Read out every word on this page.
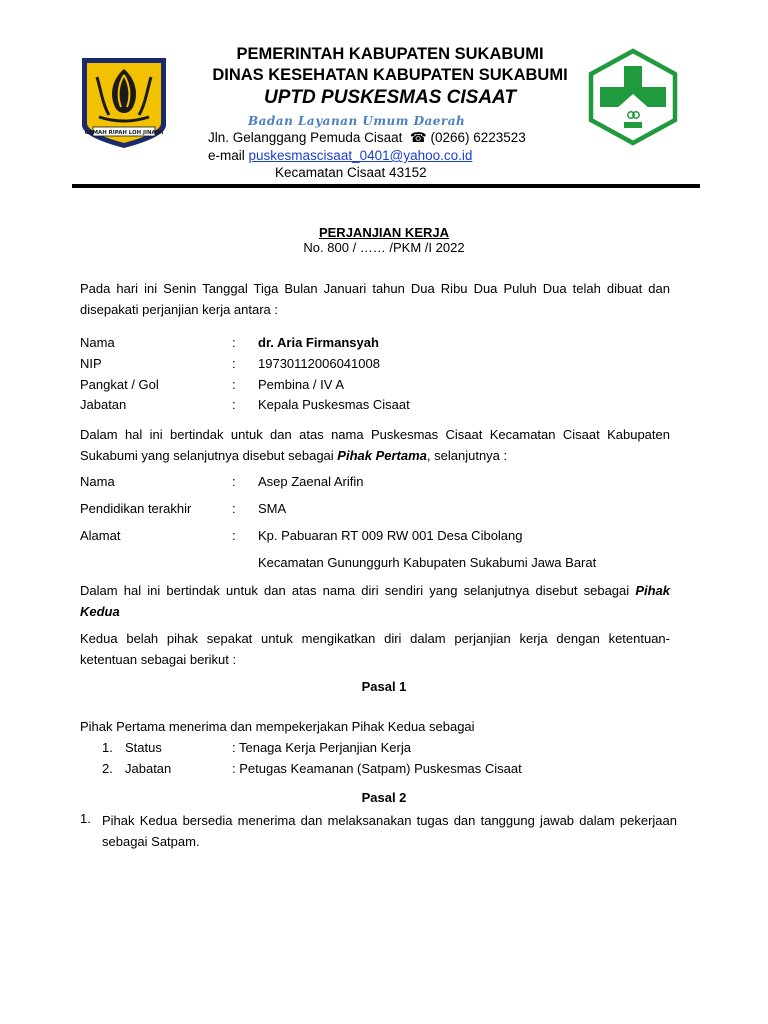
GEMAH RIPAH LOH JINAWI
PEMERINTAH KABUPATEN SUKABUMI
DINAS KESEHATAN KABUPATEN SUKABUMI
UPTD PUSKESMAS CISAAT
Badan Layanan Umum Daerah
Jln. Gelanggang Pemuda Cisaat  ☎ (0266) 6223523
e-mail puskesmascisaat_0401@yahoo.co.id
Kecamatan Cisaat 43152
PERJANJIAN KERJA
No. 800 / …… /PKM /I 2022
Pada hari ini Senin Tanggal Tiga Bulan Januari tahun Dua Ribu Dua Puluh Dua telah dibuat dan disepakati perjanjian kerja antara :
Nama	: dr. Aria Firmansyah
NIP	: 19730112006041008
Pangkat / Gol	: Pembina / IV A
Jabatan	: Kepala Puskesmas Cisaat
Dalam hal ini bertindak untuk dan atas nama Puskesmas Cisaat Kecamatan Cisaat Kabupaten Sukabumi yang selanjutnya disebut sebagai Pihak Pertama, selanjutnya :
Nama	: Asep Zaenal Arifin
Pendidikan terakhir	: SMA
Alamat	: Kp. Pabuaran RT 009 RW 001 Desa Cibolang
Kecamatan Gununggurh Kabupaten Sukabumi Jawa Barat
Dalam hal ini bertindak untuk dan atas nama diri sendiri yang selanjutnya disebut sebagai Pihak Kedua
Kedua belah pihak sepakat untuk mengikatkan diri dalam perjanjian kerja dengan ketentuan-ketentuan sebagai berikut :
Pasal 1
Pihak Pertama menerima dan mempekerjakan Pihak Kedua sebagai
1. Status	: Tenaga Kerja Perjanjian Kerja
2. Jabatan	: Petugas Keamanan (Satpam) Puskesmas Cisaat
Pasal 2
1. Pihak Kedua bersedia menerima dan melaksanakan tugas dan tanggung jawab dalam pekerjaan sebagai Satpam.
